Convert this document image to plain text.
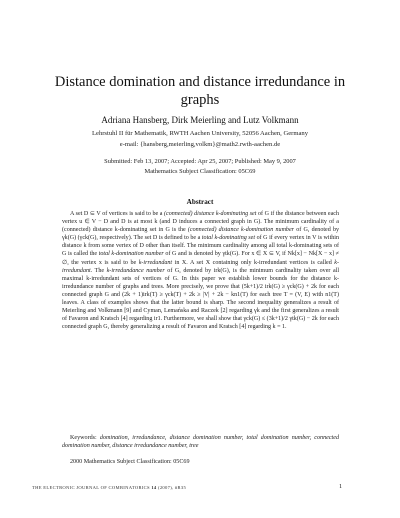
Distance domination and distance irredundance in graphs
Adriana Hansberg, Dirk Meierling and Lutz Volkmann
Lehrstuhl II für Mathematik, RWTH Aachen University, 52056 Aachen, Germany
e-mail: {hansberg,meierling,volkm}@math2.rwth-aachen.de
Submitted: Feb 13, 2007; Accepted: Apr 25, 2007; Published: May 9, 2007
Mathematics Subject Classification: 05C69
Abstract
A set D ⊆ V of vertices is said to be a (connected) distance k-dominating set of G if the distance between each vertex u ∈ V − D and D is at most k (and D induces a connected graph in G). The minimum cardinality of a (connected) distance k-dominating set in G is the (connected) distance k-domination number of G, denoted by γk(G) (γck(G), respectively). The set D is defined to be a total k-dominating set of G if every vertex in V is within distance k from some vertex of D other than itself. The minimum cardinality among all total k-dominating sets of G is called the total k-domination number of G and is denoted by γtk(G). For x ∈ X ⊆ V, if Nk[x] − Nk[X − x] ≠ ∅, the vertex x is said to be k-irredundant in X. A set X containing only k-irredundant vertices is called k-irredundant. The k-irredundance number of G, denoted by irk(G), is the minimum cardinality taken over all maximal k-irredundant sets of vertices of G. In this paper we establish lower bounds for the distance k-irredundance number of graphs and trees. More precisely, we prove that (5k+1)/2 irk(G) ≥ γck(G) + 2k for each connected graph G and (2k + 1)irk(T) ≥ γck(T) + 2k ≥ |V| + 2k − kn1(T) for each tree T = (V, E) with n1(T) leaves. A class of examples shows that the latter bound is sharp. The second inequality generalizes a result of Meierling and Volkmann [9] and Cyman, Lemańska and Raczek [2] regarding γk and the first generalizes a result of Favaron and Kratsch [4] regarding ir1. Furthermore, we shall show that γck(G) ≤ (3k+1)/2 γtk(G) − 2k for each connected graph G, thereby generalizing a result of Favaron and Kratsch [4] regarding k = 1.
Keywords: domination, irredundance, distance domination number, total domination number, connected domination number, distance irredundance number, tree
2000 Mathematics Subject Classification: 05C69
THE ELECTRONIC JOURNAL OF COMBINATORICS 14 (2007), #R35	1
